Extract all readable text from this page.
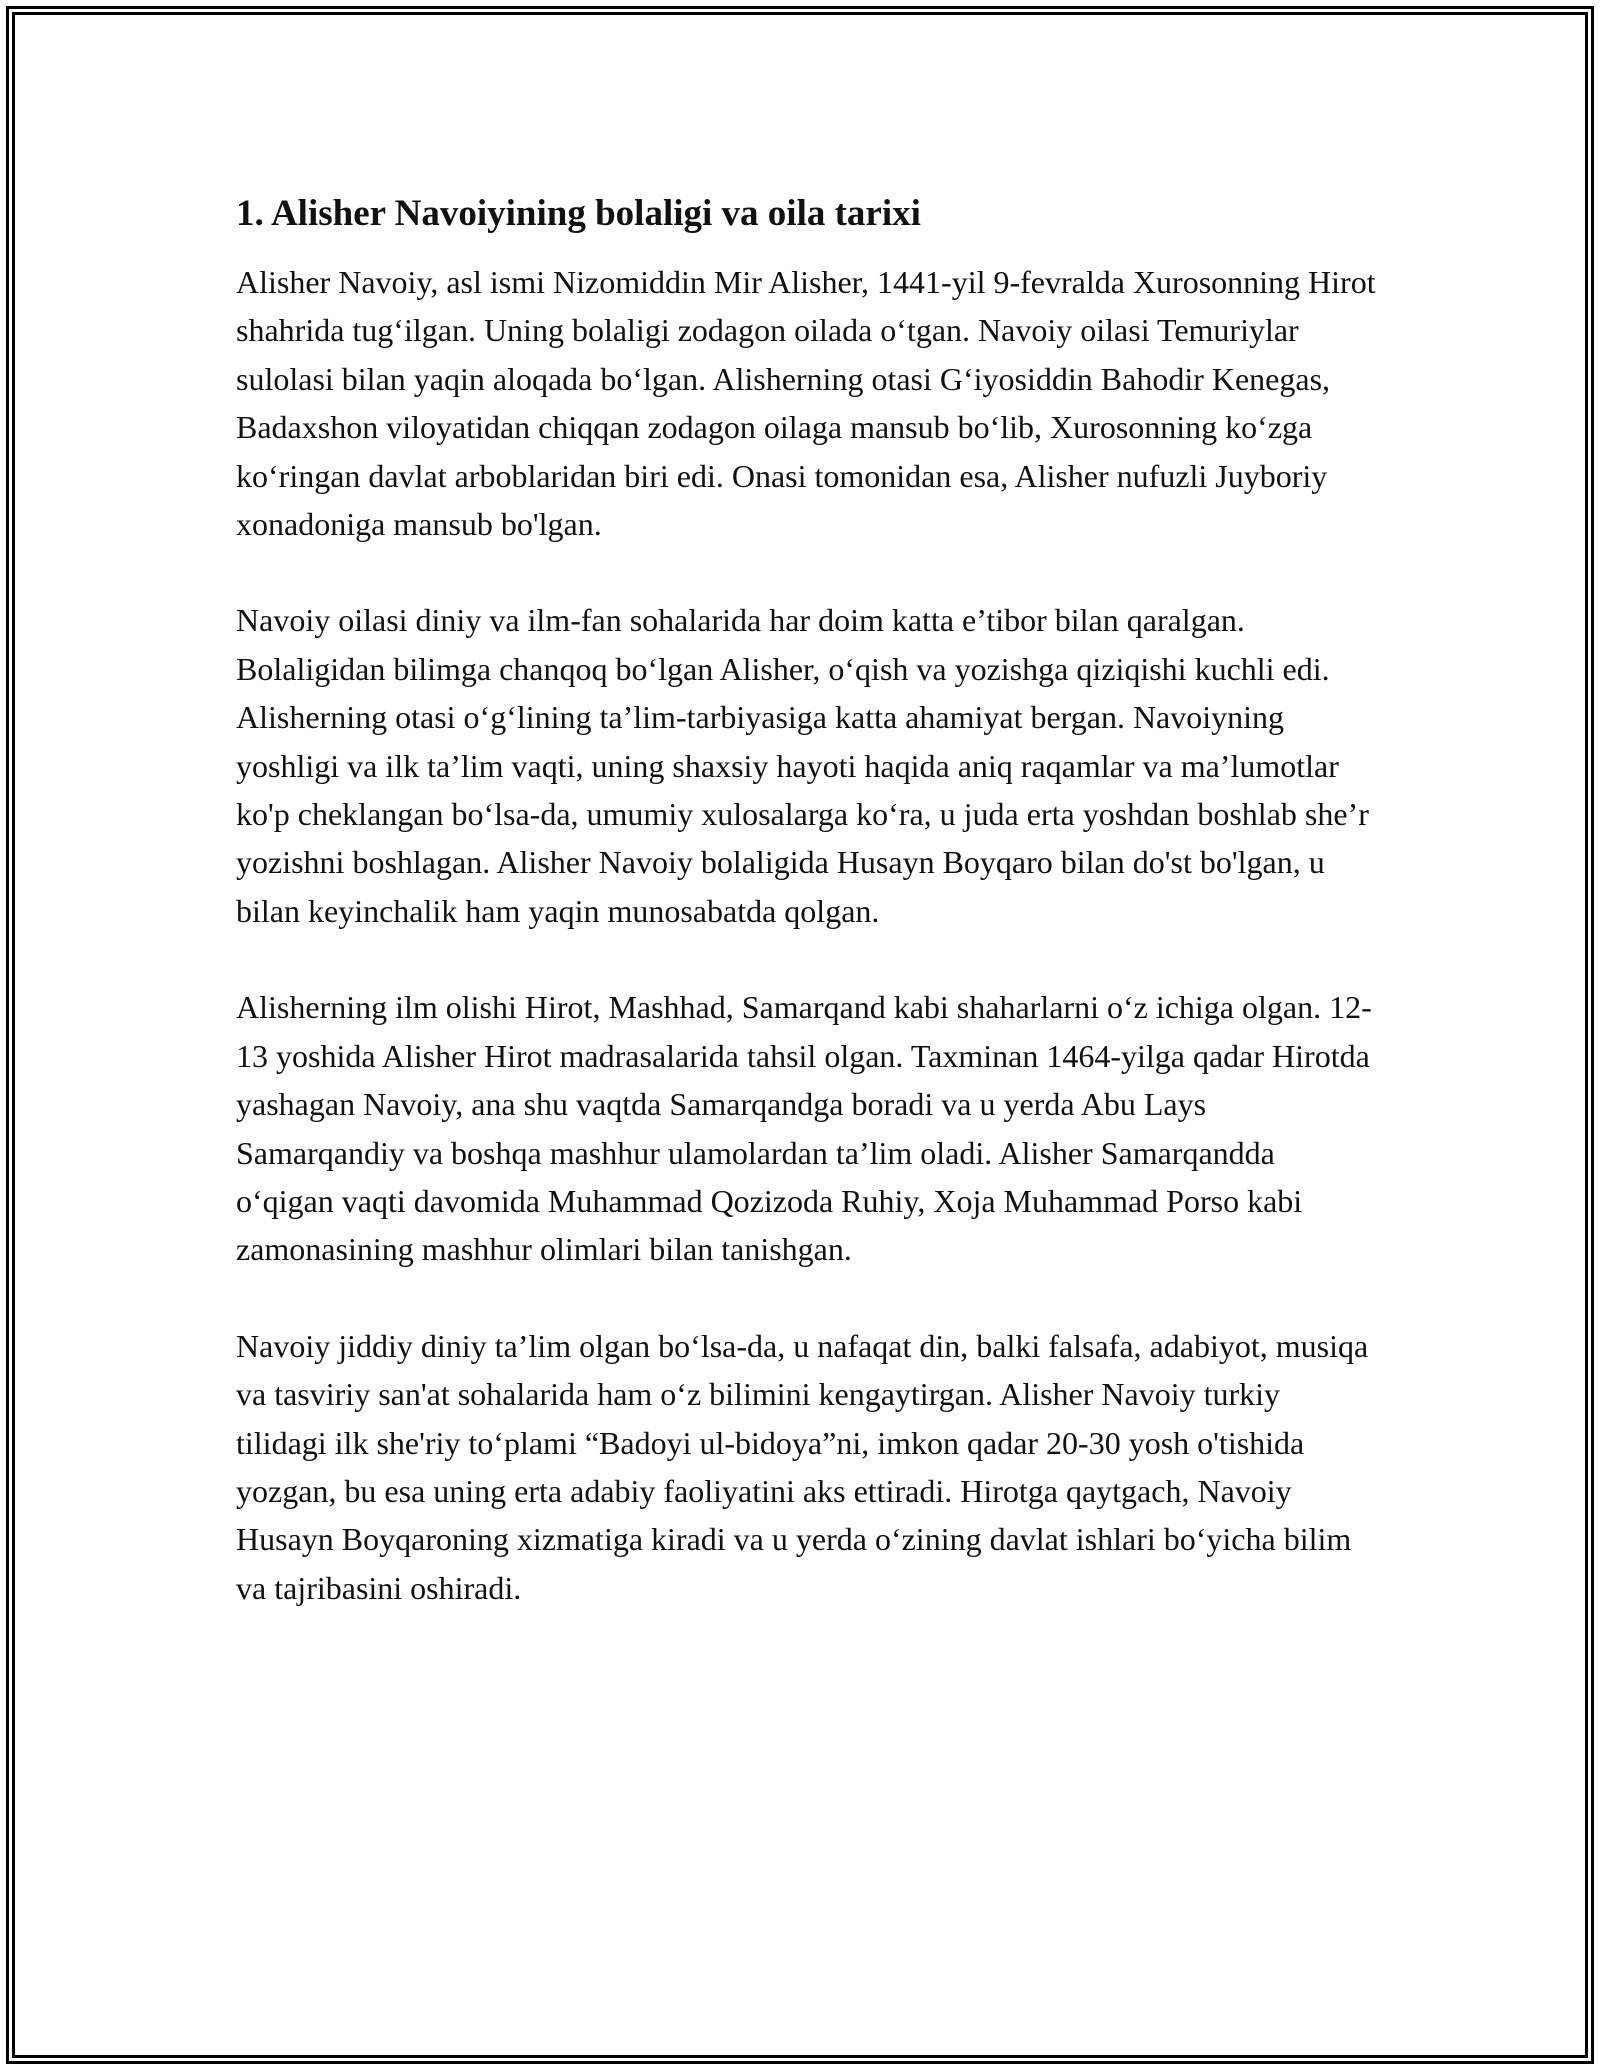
1. Alisher Navoiyining bolaligi va oila tarixi

Alisher Navoiy, asl ismi Nizomiddin Mir Alisher, 1441-yil 9-fevralda Xurosonning Hirot shahrida tug‘ilgan. Uning bolaligi zodagon oilada o‘tgan. Navoiy oilasi Temuriylar sulolasi bilan yaqin aloqada bo‘lgan. Alisherning otasi G‘iyosiddin Bahodir Kenegas, Badaxshon viloyatidan chiqqan zodagon oilaga mansub bo‘lib, Xurosonning ko‘zga ko‘ringan davlat arboblaridan biri edi. Onasi tomonidan esa, Alisher nufuzli Juyboriy xonadoniga mansub bo'lgan.

Navoiy oilasi diniy va ilm-fan sohalarida har doim katta e’tibor bilan qaralgan. Bolaligidan bilimga chanqoq bo‘lgan Alisher, o‘qish va yozishga qiziqishi kuchli edi. Alisherning otasi o‘g‘lining ta’lim-tarbiyasiga katta ahamiyat bergan. Navoiyning yoshligi va ilk ta’lim vaqti, uning shaxsiy hayoti haqida aniq raqamlar va ma’lumotlar ko'p cheklangan bo‘lsa-da, umumiy xulosalarga ko‘ra, u juda erta yoshdan boshlab she’r yozishni boshlagan. Alisher Navoiy bolaligida Husayn Boyqaro bilan do'st bo'lgan, u bilan keyinchalik ham yaqin munosabatda qolgan.

Alisherning ilm olishi Hirot, Mashhad, Samarqand kabi shaharlarni o‘z ichiga olgan. 12-13 yoshida Alisher Hirot madrasalarida tahsil olgan. Taxminan 1464-yilga qadar Hirotda yashagan Navoiy, ana shu vaqtda Samarqandga boradi va u yerda Abu Lays Samarqandiy va boshqa mashhur ulamolardan ta’lim oladi. Alisher Samarqandda o‘qigan vaqti davomida Muhammad Qozizoda Ruhiy, Xoja Muhammad Porso kabi zamonasining mashhur olimlari bilan tanishgan.

Navoiy jiddiy diniy ta’lim olgan bo‘lsa-da, u nafaqat din, balki falsafa, adabiyot, musiqa va tasviriy san'at sohalarida ham o‘z bilimini kengaytirgan. Alisher Navoiy turkiy tilidagi ilk she'riy to‘plami “Badoyi ul-bidoya”ni, imkon qadar 20-30 yosh o'tishida yozgan, bu esa uning erta adabiy faoliyatini aks ettiradi. Hirotga qaytgach, Navoiy Husayn Boyqaroning xizmatiga kiradi va u yerda o‘zining davlat ishlari bo‘yicha bilim va tajribasini oshiradi.
